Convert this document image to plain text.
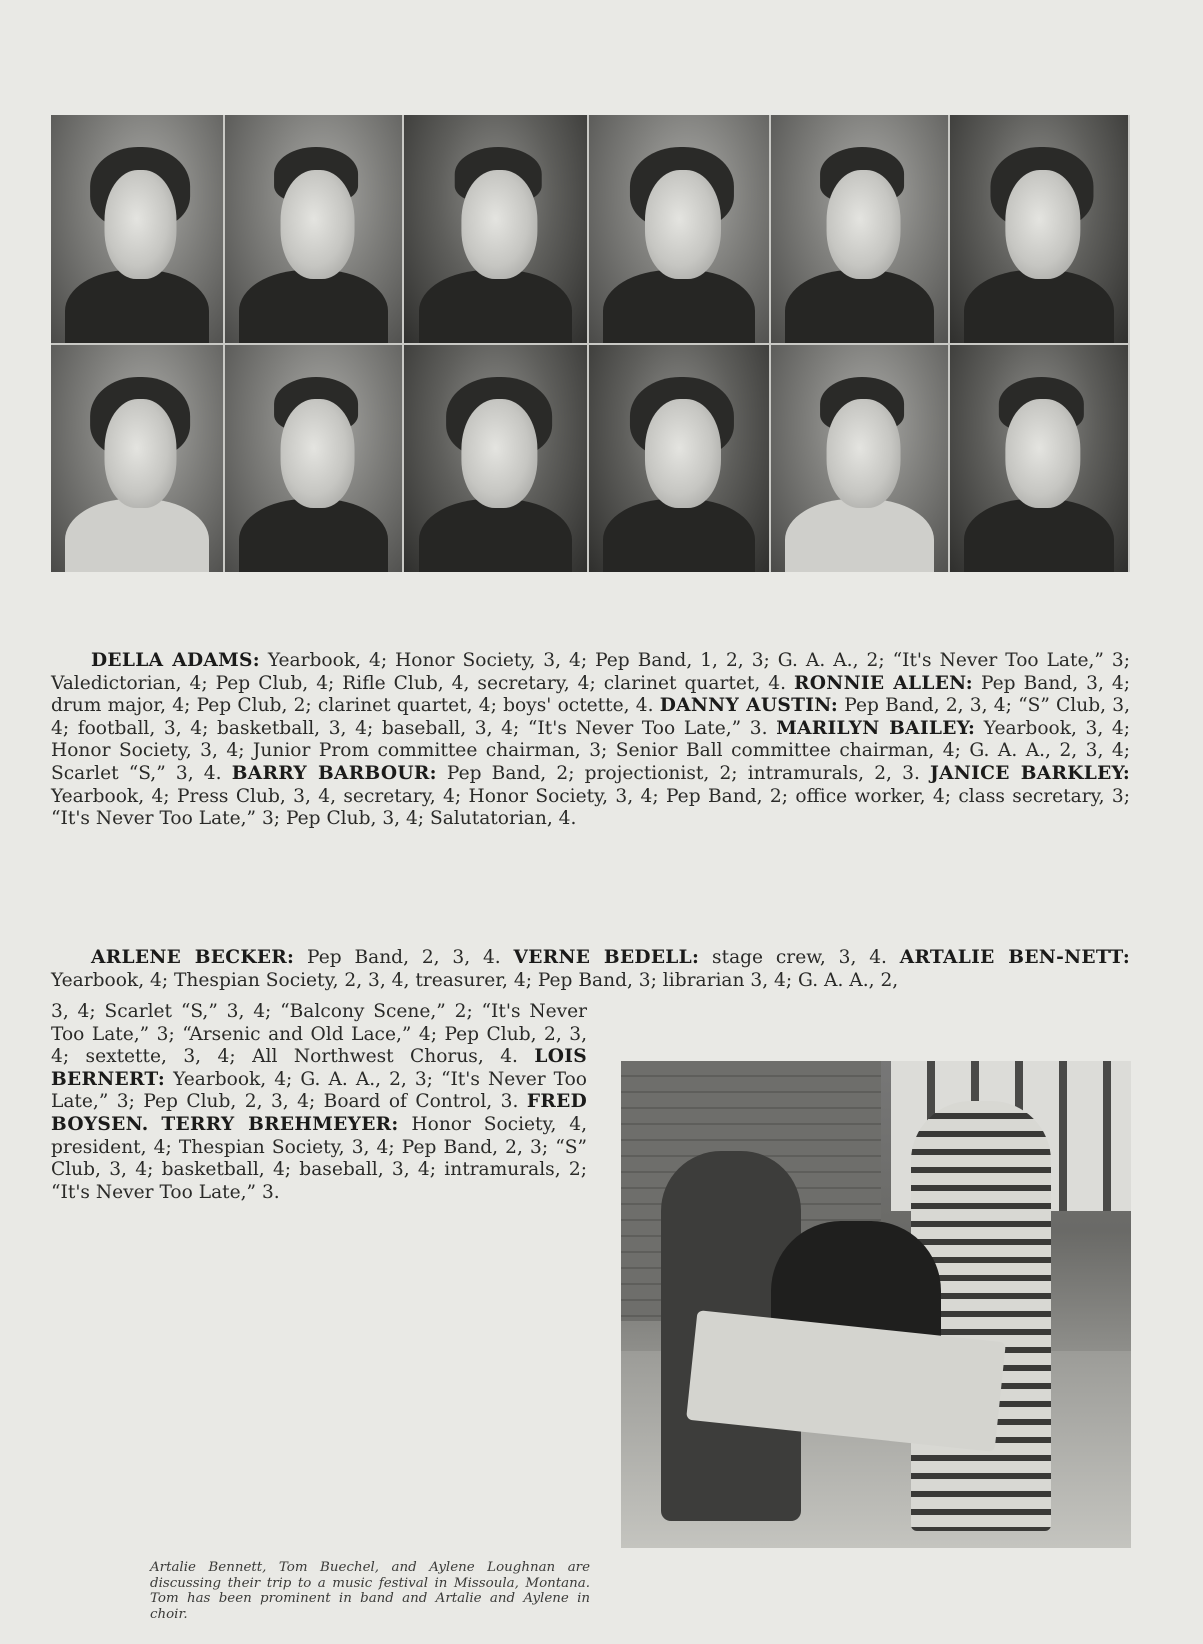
DELLA ADAMS: Yearbook, 4; Honor Society, 3, 4; Pep Band, 1, 2, 3; G. A. A., 2; “It's Never Too Late,” 3; Valedictorian, 4; Pep Club, 4; Rifle Club, 4, secretary, 4; clarinet quartet, 4. RONNIE ALLEN: Pep Band, 3, 4; drum major, 4; Pep Club, 2; clarinet quartet, 4; boys' octette, 4. DANNY AUSTIN: Pep Band, 2, 3, 4; “S” Club, 3, 4; football, 3, 4; basketball, 3, 4; baseball, 3, 4; “It's Never Too Late,” 3. MARILYN BAILEY: Yearbook, 3, 4; Honor Society, 3, 4; Junior Prom committee chairman, 3; Senior Ball committee chairman, 4; G. A. A., 2, 3, 4; Scarlet “S,” 3, 4. BARRY BARBOUR: Pep Band, 2; projectionist, 2; intramurals, 2, 3. JANICE BARKLEY: Yearbook, 4; Press Club, 3, 4, secretary, 4; Honor Society, 3, 4; Pep Band, 2; office worker, 4; class secretary, 3; “It's Never Too Late,” 3; Pep Club, 3, 4; Salutatorian, 4.

ARLENE BECKER: Pep Band, 2, 3, 4. VERNE BEDELL: stage crew, 3, 4. ARTALIE BEN-NETT: Yearbook, 4; Thespian Society, 2, 3, 4, treasurer, 4; Pep Band, 3; librarian 3, 4; G. A. A., 2,

3, 4; Scarlet “S,” 3, 4; “Balcony Scene,” 2; “It's Never Too Late,” 3; “Arsenic and Old Lace,” 4; Pep Club, 2, 3, 4; sextette, 3, 4; All Northwest Chorus, 4. LOIS BERNERT: Yearbook, 4; G. A. A., 2, 3; “It's Never Too Late,” 3; Pep Club, 2, 3, 4; Board of Control, 3. FRED BOYSEN. TERRY BREHMEYER: Honor Society, 4, president, 4; Thespian Society, 3, 4; Pep Band, 2, 3; “S” Club, 3, 4; basketball, 4; baseball, 3, 4; intramurals, 2; “It's Never Too Late,” 3.

Artalie Bennett, Tom Buechel, and Aylene Loughnan are discussing their trip to a music festival in Missoula, Montana. Tom has been prominent in band and Artalie and Aylene in choir.
